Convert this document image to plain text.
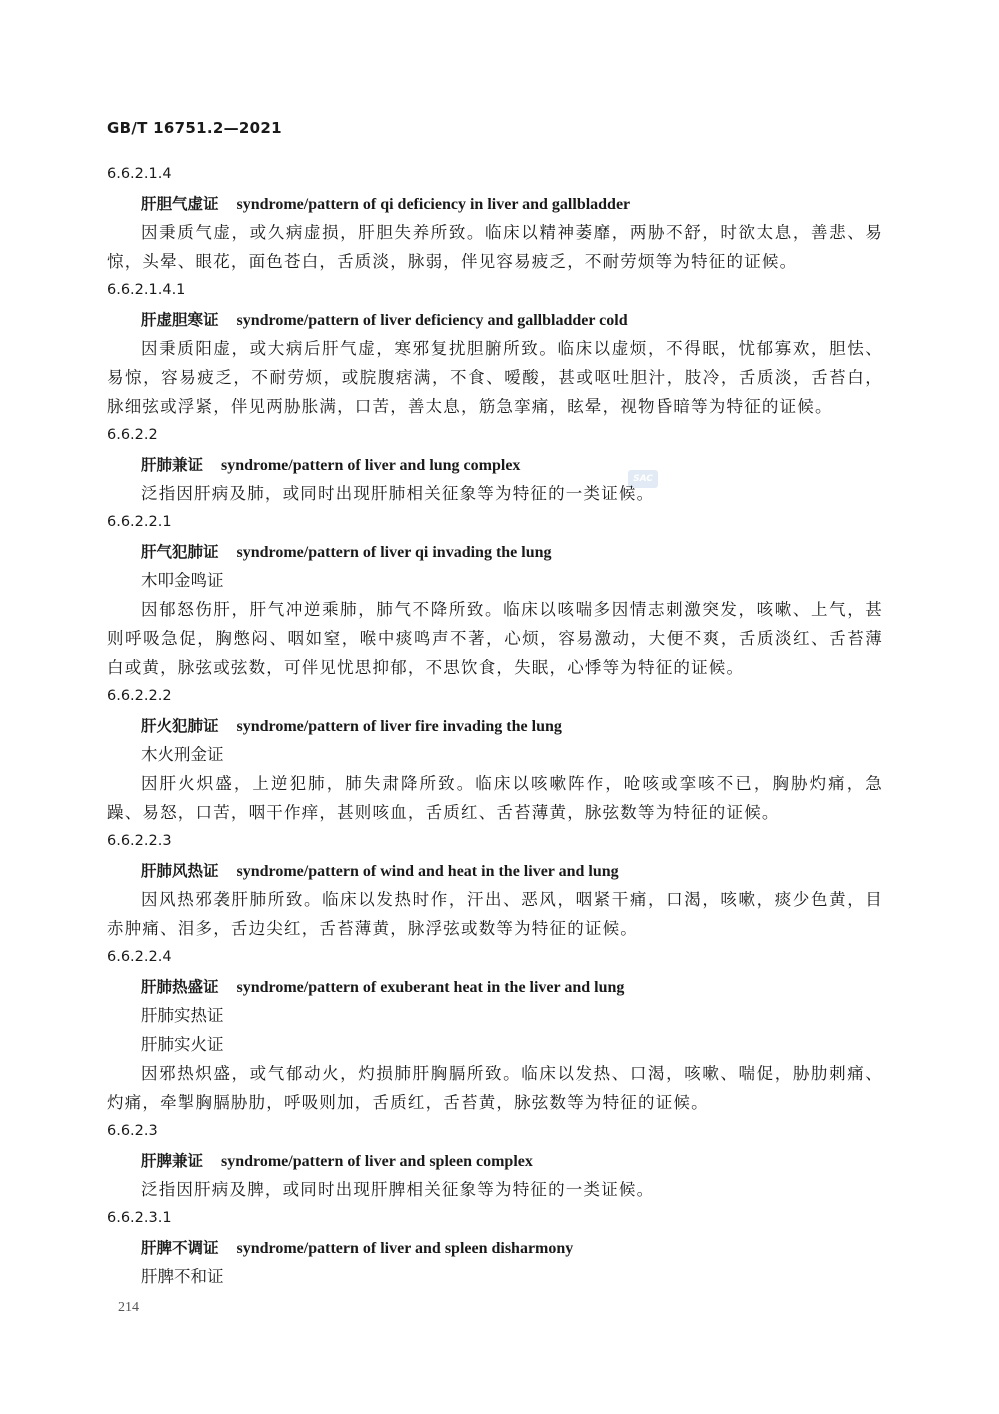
GB/T 16751.2—2021
SAC
6.6.2.1.4
肝胆气虚证 syndrome/pattern of qi deficiency in liver and gallbladder
因秉质气虚，或久病虚损，肝胆失养所致。临床以精神萎靡，两胁不舒，时欲太息，善悲、易惊，头晕、眼花，面色苍白，舌质淡，脉弱，伴见容易疲乏，不耐劳烦等为特征的证候。
6.6.2.1.4.1
肝虚胆寒证 syndrome/pattern of liver deficiency and gallbladder cold
因秉质阳虚，或大病后肝气虚，寒邪复扰胆腑所致。临床以虚烦，不得眠，忧郁寡欢，胆怯、易惊，容易疲乏，不耐劳烦，或脘腹痞满，不食、嗳酸，甚或呕吐胆汁，肢冷，舌质淡，舌苔白，脉细弦或浮紧，伴见两胁胀满，口苦，善太息，筋急挛痛，眩晕，视物昏暗等为特征的证候。
6.6.2.2
肝肺兼证 syndrome/pattern of liver and lung complex
泛指因肝病及肺，或同时出现肝肺相关征象等为特征的一类证候。
6.6.2.2.1
肝气犯肺证 syndrome/pattern of liver qi invading the lung
木叩金鸣证
因郁怒伤肝，肝气冲逆乘肺，肺气不降所致。临床以咳喘多因情志刺激突发，咳嗽、上气，甚则呼吸急促，胸憋闷、咽如窒，喉中痰鸣声不著，心烦，容易激动，大便不爽，舌质淡红、舌苔薄白或黄，脉弦或弦数，可伴见忧思抑郁，不思饮食，失眠，心悸等为特征的证候。
6.6.2.2.2
肝火犯肺证 syndrome/pattern of liver fire invading the lung
木火刑金证
因肝火炽盛，上逆犯肺，肺失肃降所致。临床以咳嗽阵作，呛咳或挛咳不已，胸胁灼痛，急躁、易怒，口苦，咽干作痒，甚则咳血，舌质红、舌苔薄黄，脉弦数等为特征的证候。
6.6.2.2.3
肝肺风热证 syndrome/pattern of wind and heat in the liver and lung
因风热邪袭肝肺所致。临床以发热时作，汗出、恶风，咽紧干痛，口渴，咳嗽，痰少色黄，目赤肿痛、泪多，舌边尖红，舌苔薄黄，脉浮弦或数等为特征的证候。
6.6.2.2.4
肝肺热盛证 syndrome/pattern of exuberant heat in the liver and lung
肝肺实热证
肝肺实火证
因邪热炽盛，或气郁动火，灼损肺肝胸膈所致。临床以发热、口渴，咳嗽、喘促，胁肋刺痛、灼痛，牵掣胸膈胁肋，呼吸则加，舌质红，舌苔黄，脉弦数等为特征的证候。
6.6.2.3
肝脾兼证 syndrome/pattern of liver and spleen complex
泛指因肝病及脾，或同时出现肝脾相关征象等为特征的一类证候。
6.6.2.3.1
肝脾不调证 syndrome/pattern of liver and spleen disharmony
肝脾不和证
214
